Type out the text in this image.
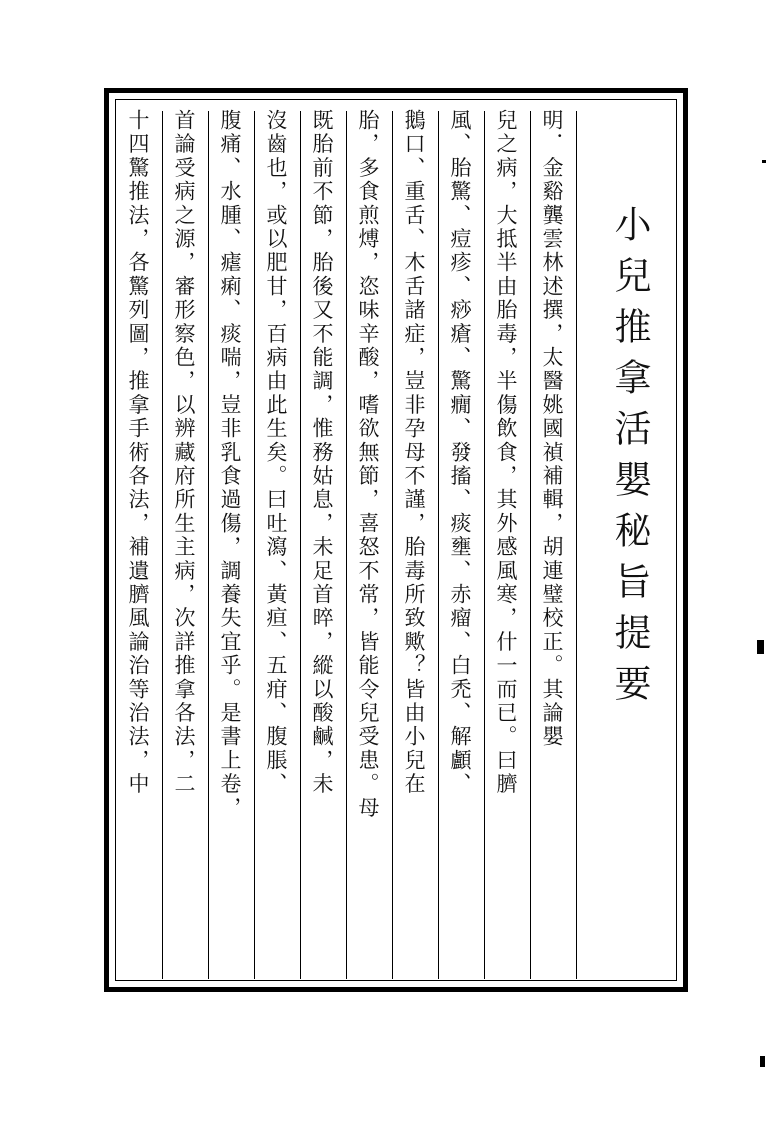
明．金谿龔雲林述撰，太醫姚國禎補輯，胡連璧校正。其論嬰
兒之病，大抵半由胎毒，半傷飲食，其外感風寒，什一而已。曰臍
風、胎驚、痘疹、痧瘡、驚癇、發搐、痰壅、赤瘤、白禿、解顱、
鵝口、重舌、木舌諸症，豈非孕母不謹，胎毒所致歟？皆由小兒在
胎，多食煎煿，恣味辛酸，嗜欲無節，喜怒不常，皆能令兒受患。母
既胎前不節，胎後又不能調，惟務姑息，未足首晬，縱以酸鹹，未
沒齒也，或以肥甘，百病由此生矣。曰吐瀉、黃疸、五疳、腹脹、
腹痛、水腫、瘧痢、痰喘，豈非乳食過傷，調養失宜乎。是書上卷，
首論受病之源，審形察色，以辨藏府所生主病，次詳推拿各法，二
十四驚推法，各驚列圖，推拿手術各法，補遺臍風論治等治法，中	小兒推拿活嬰秘旨提要
